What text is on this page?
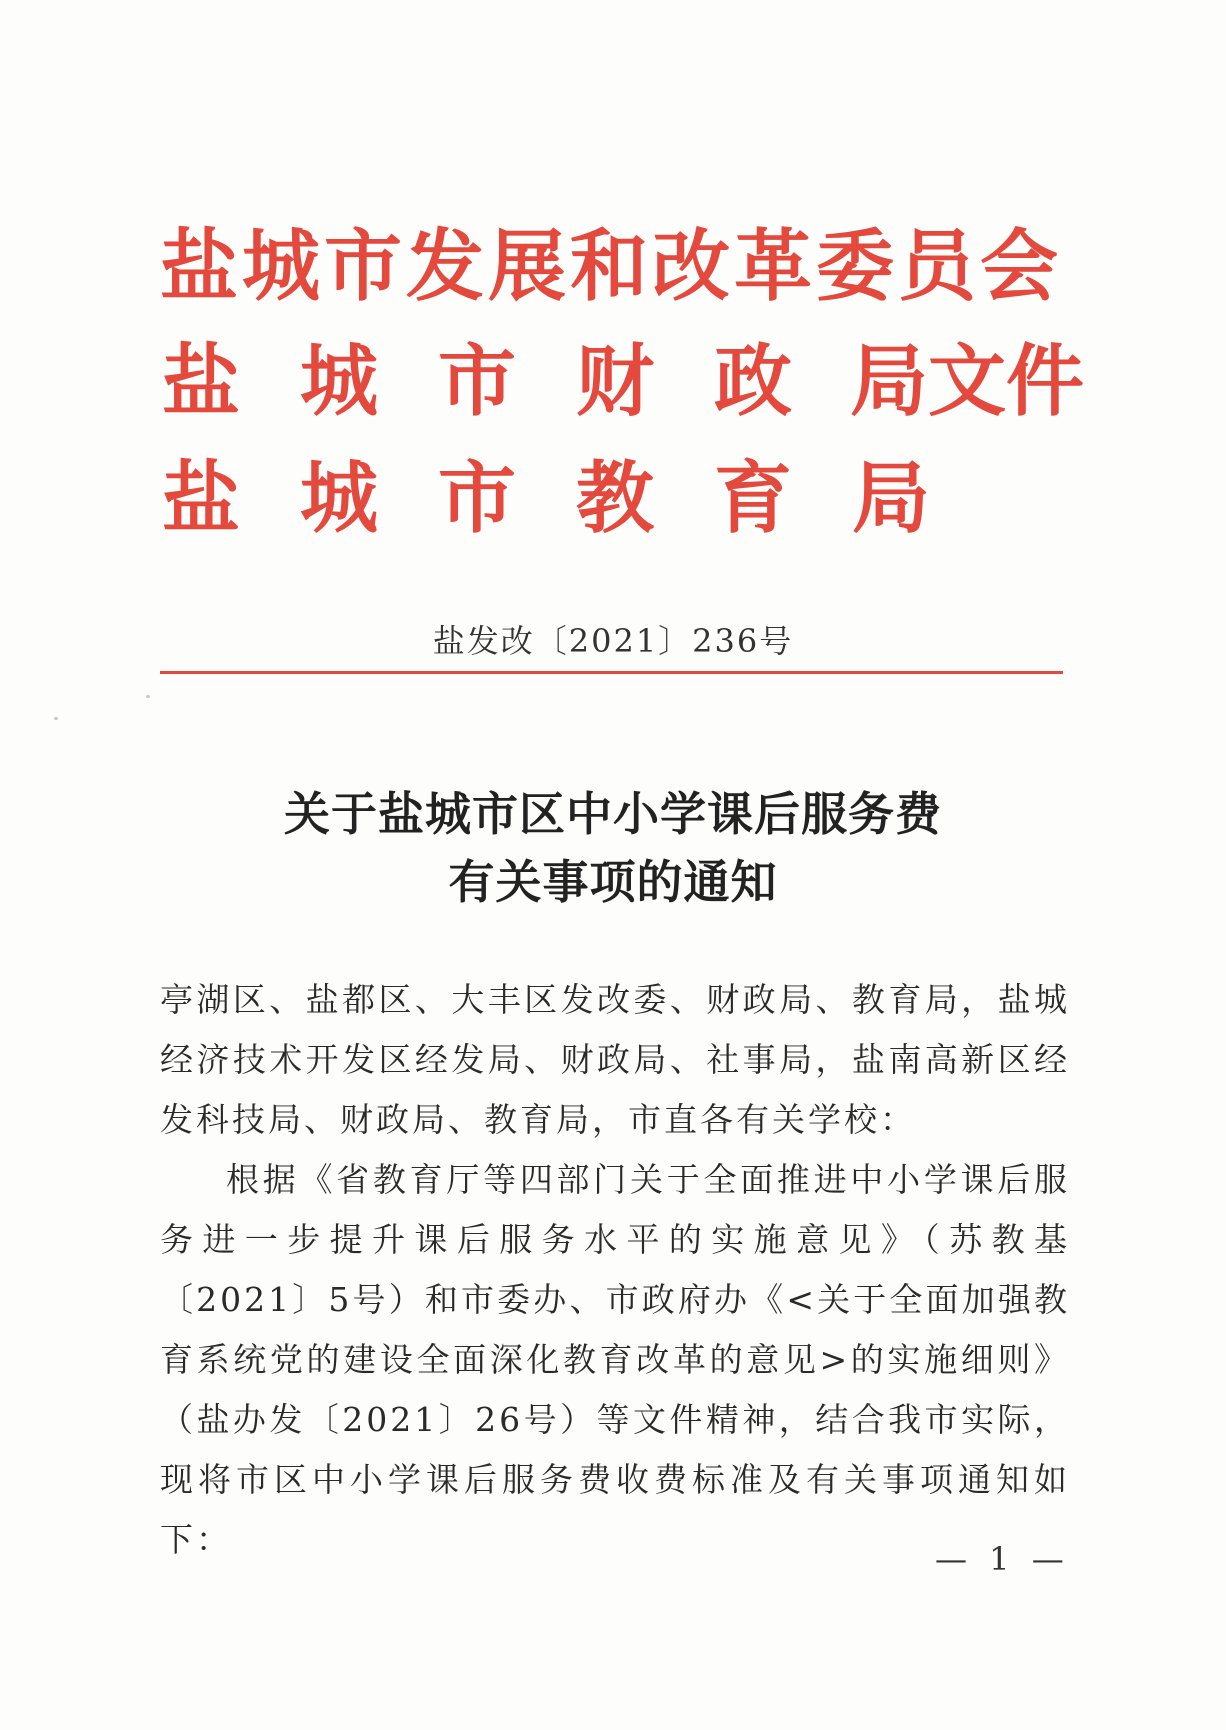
盐城市发展和改革委员会
盐 城 市 财 政 局文件
盐 城 市 教 育 局
盐发改〔2021〕236号
关于盐城市区中小学课后服务费
有关事项的通知

亭湖区、盐都区、大丰区发改委、财政局、教育局，盐城经济技术开发区经发局、财政局、社事局，盐南高新区经发科技局、财政局、教育局，市直各有关学校：

根据《省教育厅等四部门关于全面推进中小学课后服务进一步提升课后服务水平的实施意见》（苏教基〔2021〕5号）和市委办、市政府办《<关于全面加强教育系统党的建设全面深化教育改革的意见>的实施细则》（盐办发〔2021〕26号）等文件精神，结合我市实际，现将市区中小学课后服务费收费标准及有关事项通知如下：	— 1 —
